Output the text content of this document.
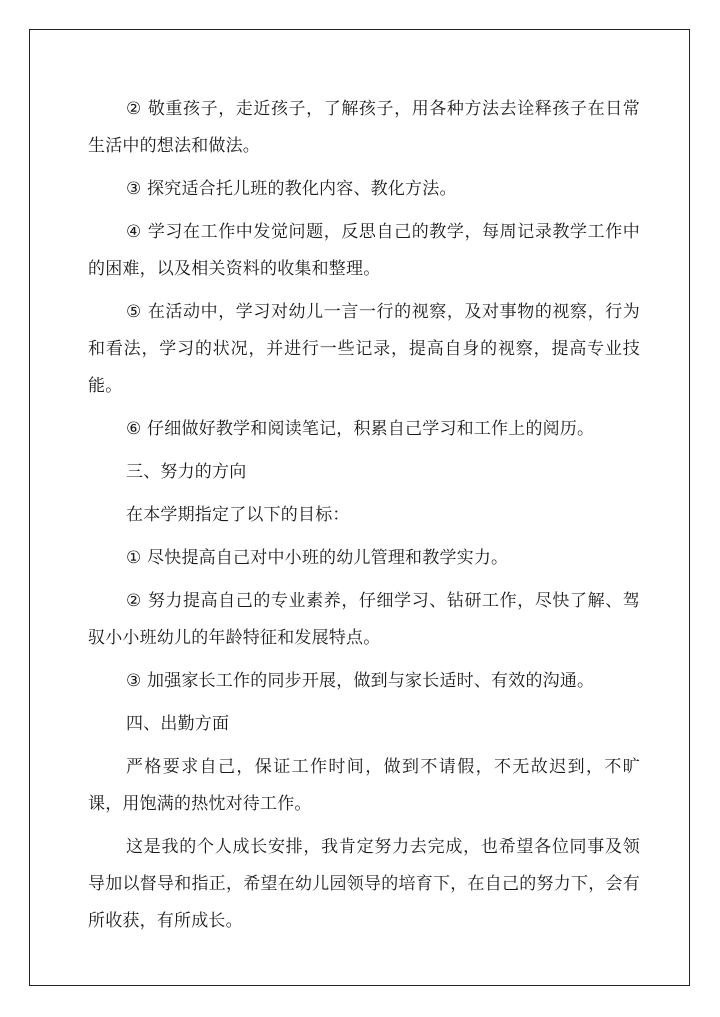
② 敬重孩子，走近孩子，了解孩子，用各种方法去诠释孩子在日常生活中的想法和做法。

③ 探究适合托儿班的教化内容、教化方法。

④ 学习在工作中发觉问题，反思自己的教学，每周记录教学工作中的困难，以及相关资料的收集和整理。

⑤ 在活动中，学习对幼儿一言一行的视察，及对事物的视察，行为和看法，学习的状况，并进行一些记录，提高自身的视察，提高专业技能。

⑥ 仔细做好教学和阅读笔记，积累自己学习和工作上的阅历。

三、努力的方向

在本学期指定了以下的目标：

① 尽快提高自己对中小班的幼儿管理和教学实力。

② 努力提高自己的专业素养，仔细学习、钻研工作，尽快了解、驾驭小小班幼儿的年龄特征和发展特点。

③ 加强家长工作的同步开展，做到与家长适时、有效的沟通。

四、出勤方面

严格要求自己，保证工作时间，做到不请假，不无故迟到，不旷课，用饱满的热忱对待工作。

这是我的个人成长安排，我肯定努力去完成，也希望各位同事及领导加以督导和指正，希望在幼儿园领导的培育下，在自己的努力下，会有所收获，有所成长。
